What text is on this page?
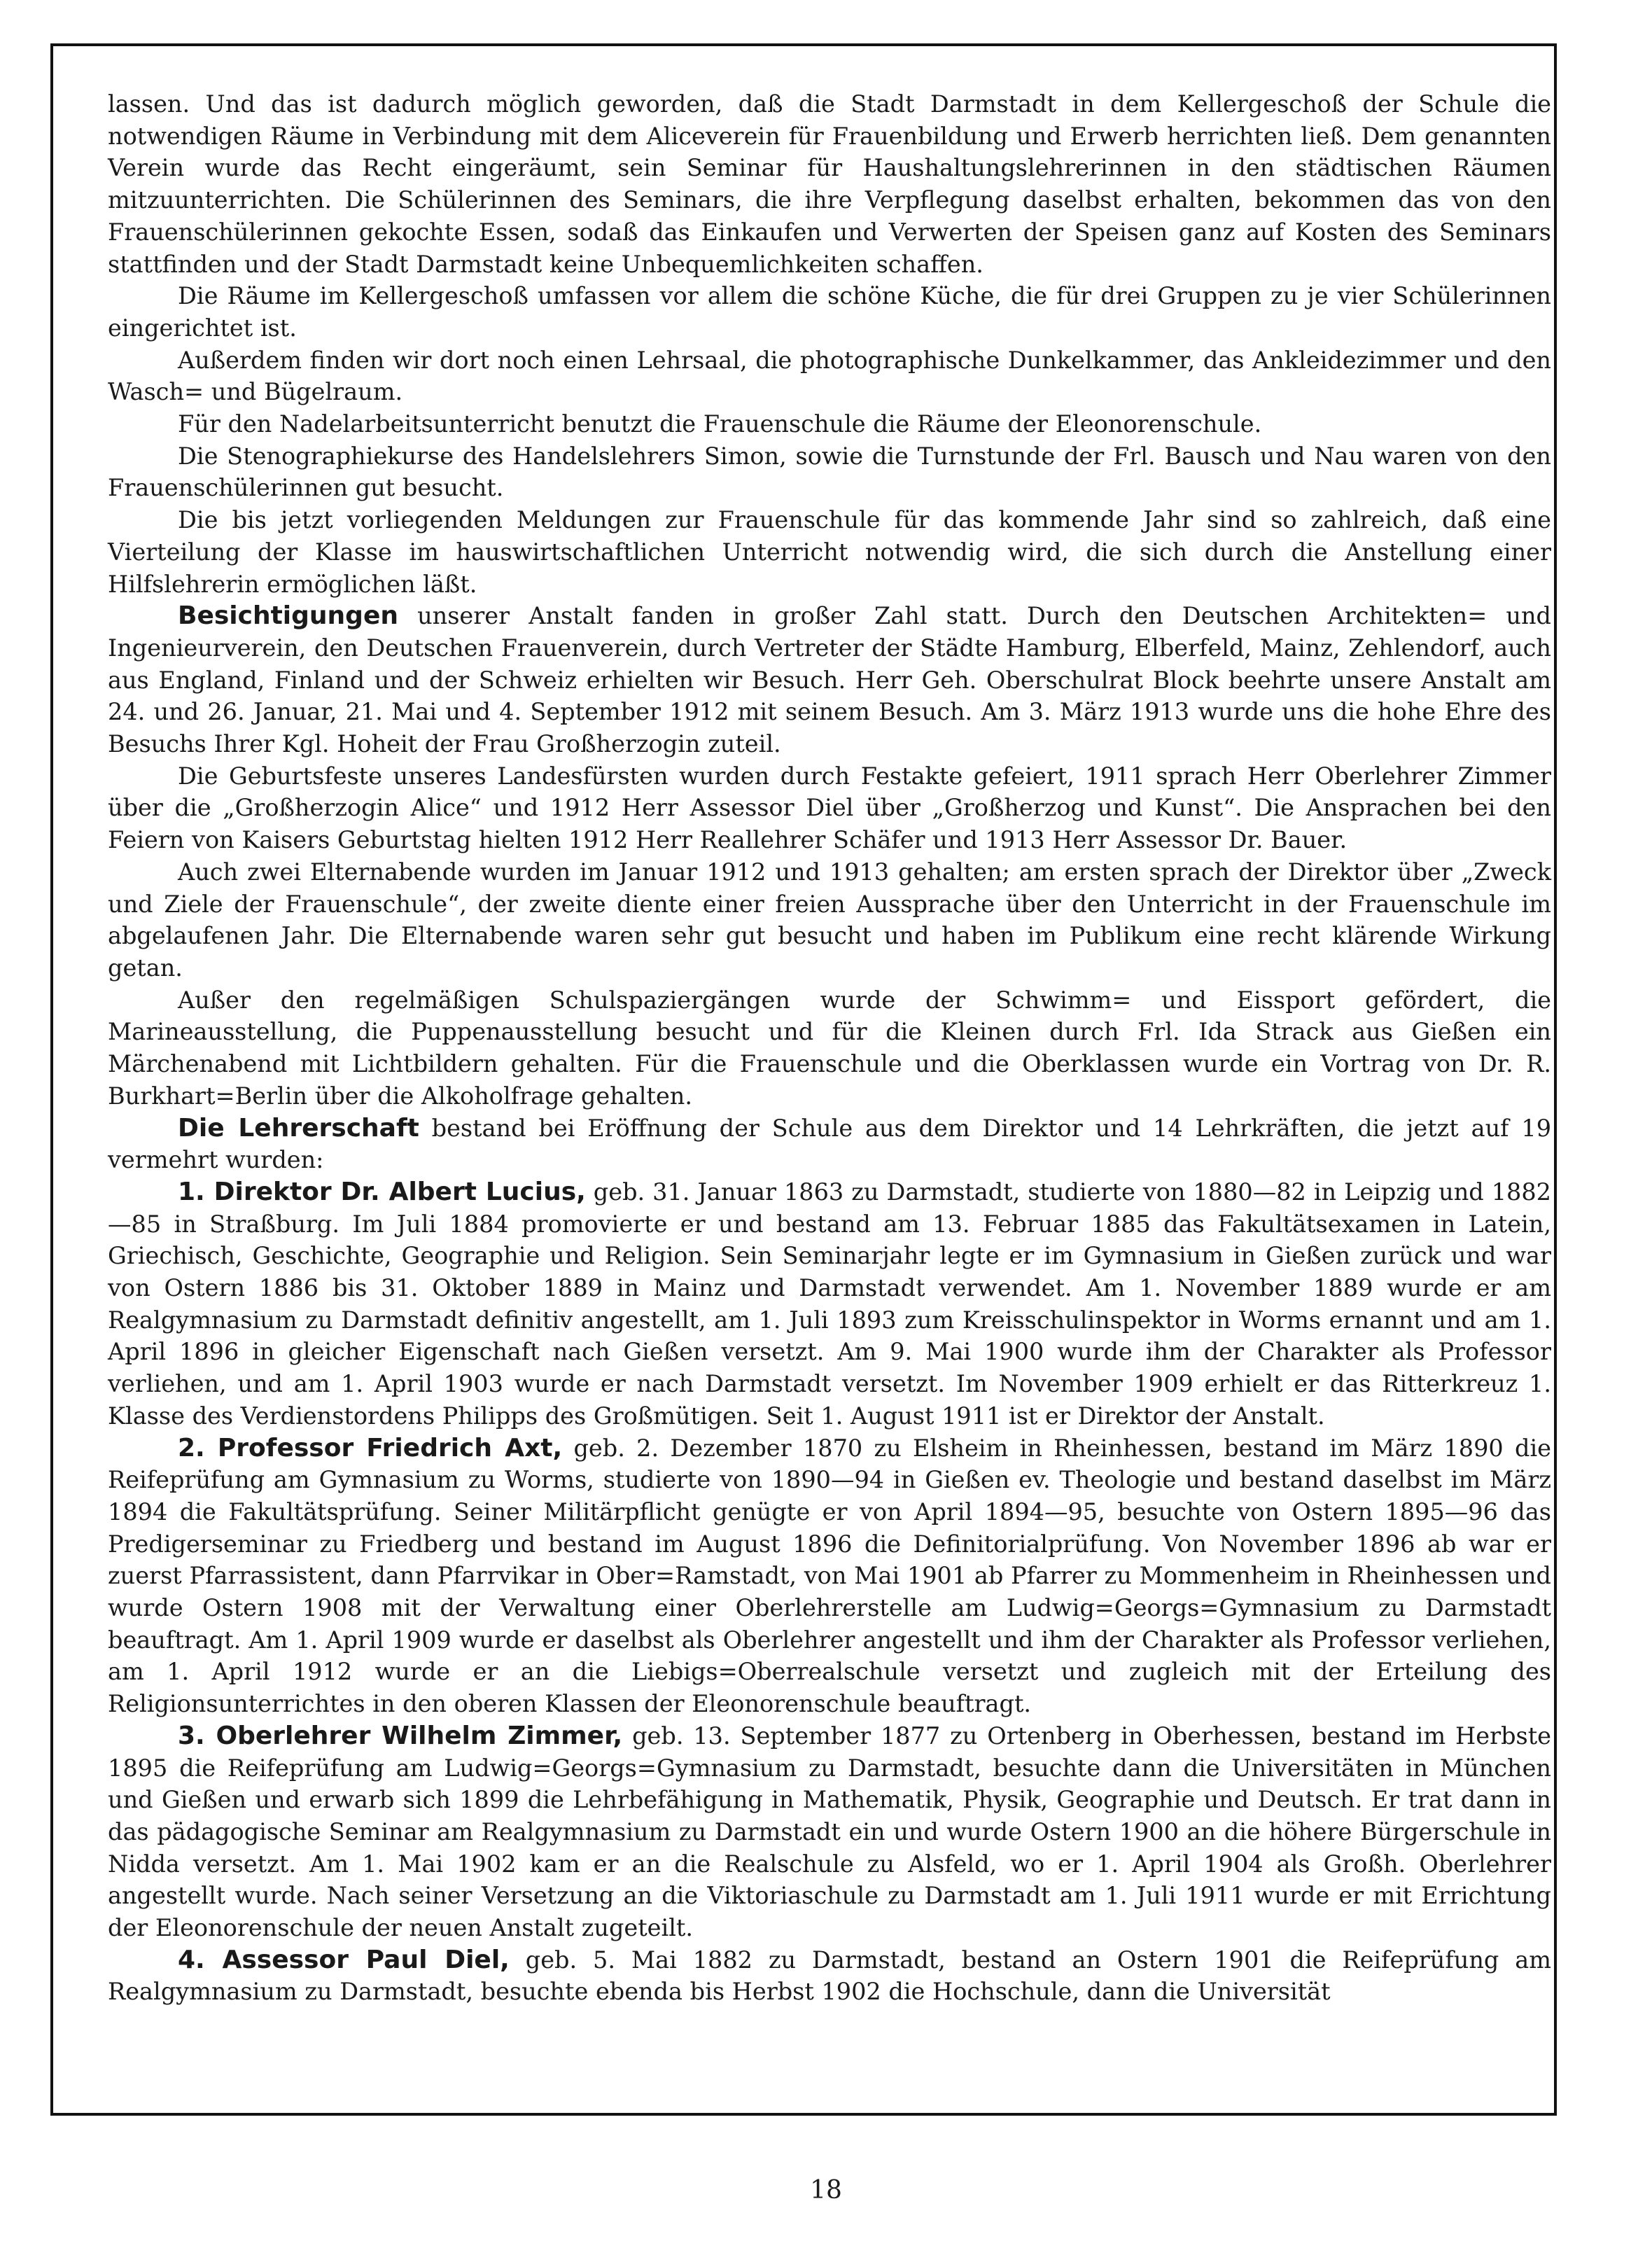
lassen. Und das ist dadurch möglich geworden, daß die Stadt Darmstadt in dem Kellergeschoß der Schule die notwendigen Räume in Verbindung mit dem Aliceverein für Frauenbildung und Erwerb herrichten ließ. Dem genannten Verein wurde das Recht eingeräumt, sein Seminar für Haushaltungslehrerinnen in den städtischen Räumen mitzuunterrichten. Die Schülerinnen des Seminars, die ihre Verpflegung daselbst erhalten, bekommen das von den Frauenschülerinnen gekochte Essen, sodaß das Einkaufen und Verwerten der Speisen ganz auf Kosten des Seminars stattfinden und der Stadt Darmstadt keine Unbequemlichkeiten schaffen.

Die Räume im Kellergeschoß umfassen vor allem die schöne Küche, die für drei Gruppen zu je vier Schülerinnen eingerichtet ist.

Außerdem finden wir dort noch einen Lehrsaal, die photographische Dunkelkammer, das Ankleidezimmer und den Wasch= und Bügelraum.

Für den Nadelarbeitsunterricht benutzt die Frauenschule die Räume der Eleonorenschule.

Die Stenographiekurse des Handelslehrers Simon, sowie die Turnstunde der Frl. Bausch und Nau waren von den Frauenschülerinnen gut besucht.

Die bis jetzt vorliegenden Meldungen zur Frauenschule für das kommende Jahr sind so zahlreich, daß eine Vierteilung der Klasse im hauswirtschaftlichen Unterricht notwendig wird, die sich durch die Anstellung einer Hilfslehrerin ermöglichen läßt.

Besichtigungen unserer Anstalt fanden in großer Zahl statt. Durch den Deutschen Architekten= und Ingenieurverein, den Deutschen Frauenverein, durch Vertreter der Städte Hamburg, Elberfeld, Mainz, Zehlendorf, auch aus England, Finland und der Schweiz erhielten wir Besuch. Herr Geh. Oberschulrat Block beehrte unsere Anstalt am 24. und 26. Januar, 21. Mai und 4. September 1912 mit seinem Besuch. Am 3. März 1913 wurde uns die hohe Ehre des Besuchs Ihrer Kgl. Hoheit der Frau Großherzogin zuteil.

Die Geburtsfeste unseres Landesfürsten wurden durch Festakte gefeiert, 1911 sprach Herr Oberlehrer Zimmer über die „Großherzogin Alice“ und 1912 Herr Assessor Diel über „Großherzog und Kunst“. Die Ansprachen bei den Feiern von Kaisers Geburtstag hielten 1912 Herr Reallehrer Schäfer und 1913 Herr Assessor Dr. Bauer.

Auch zwei Elternabende wurden im Januar 1912 und 1913 gehalten; am ersten sprach der Direktor über „Zweck und Ziele der Frauenschule“, der zweite diente einer freien Aussprache über den Unterricht in der Frauenschule im abgelaufenen Jahr. Die Elternabende waren sehr gut besucht und haben im Publikum eine recht klärende Wirkung getan.

Außer den regelmäßigen Schulspaziergängen wurde der Schwimm= und Eissport gefördert, die Marineausstellung, die Puppenausstellung besucht und für die Kleinen durch Frl. Ida Strack aus Gießen ein Märchenabend mit Lichtbildern gehalten. Für die Frauenschule und die Oberklassen wurde ein Vortrag von Dr. R. Burkhart=Berlin über die Alkoholfrage gehalten.

Die Lehrerschaft bestand bei Eröffnung der Schule aus dem Direktor und 14 Lehrkräften, die jetzt auf 19 vermehrt wurden:

1. Direktor Dr. Albert Lucius, geb. 31. Januar 1863 zu Darmstadt, studierte von 1880—82 in Leipzig und 1882—85 in Straßburg. Im Juli 1884 promovierte er und bestand am 13. Februar 1885 das Fakultätsexamen in Latein, Griechisch, Geschichte, Geographie und Religion. Sein Seminarjahr legte er im Gymnasium in Gießen zurück und war von Ostern 1886 bis 31. Oktober 1889 in Mainz und Darmstadt verwendet. Am 1. November 1889 wurde er am Realgymnasium zu Darmstadt definitiv angestellt, am 1. Juli 1893 zum Kreisschulinspektor in Worms ernannt und am 1. April 1896 in gleicher Eigenschaft nach Gießen versetzt. Am 9. Mai 1900 wurde ihm der Charakter als Professor verliehen, und am 1. April 1903 wurde er nach Darmstadt versetzt. Im November 1909 erhielt er das Ritterkreuz 1. Klasse des Verdienstordens Philipps des Großmütigen. Seit 1. August 1911 ist er Direktor der Anstalt.

2. Professor Friedrich Axt, geb. 2. Dezember 1870 zu Elsheim in Rheinhessen, bestand im März 1890 die Reifeprüfung am Gymnasium zu Worms, studierte von 1890—94 in Gießen ev. Theologie und bestand daselbst im März 1894 die Fakultätsprüfung. Seiner Militärpflicht genügte er von April 1894—95, besuchte von Ostern 1895—96 das Predigerseminar zu Friedberg und bestand im August 1896 die Definitorialprüfung. Von November 1896 ab war er zuerst Pfarrassistent, dann Pfarrvikar in Ober=Ramstadt, von Mai 1901 ab Pfarrer zu Mommenheim in Rheinhessen und wurde Ostern 1908 mit der Verwaltung einer Oberlehrerstelle am Ludwig=Georgs=Gymnasium zu Darmstadt beauftragt. Am 1. April 1909 wurde er daselbst als Oberlehrer angestellt und ihm der Charakter als Professor verliehen, am 1. April 1912 wurde er an die Liebigs=Oberrealschule versetzt und zugleich mit der Erteilung des Religionsunterrichtes in den oberen Klassen der Eleonorenschule beauftragt.

3. Oberlehrer Wilhelm Zimmer, geb. 13. September 1877 zu Ortenberg in Oberhessen, bestand im Herbste 1895 die Reifeprüfung am Ludwig=Georgs=Gymnasium zu Darmstadt, besuchte dann die Universitäten in München und Gießen und erwarb sich 1899 die Lehrbefähigung in Mathematik, Physik, Geographie und Deutsch. Er trat dann in das pädagogische Seminar am Realgymnasium zu Darmstadt ein und wurde Ostern 1900 an die höhere Bürgerschule in Nidda versetzt. Am 1. Mai 1902 kam er an die Realschule zu Alsfeld, wo er 1. April 1904 als Großh. Oberlehrer angestellt wurde. Nach seiner Versetzung an die Viktoriaschule zu Darmstadt am 1. Juli 1911 wurde er mit Errichtung der Eleonorenschule der neuen Anstalt zugeteilt.

4. Assessor Paul Diel, geb. 5. Mai 1882 zu Darmstadt, bestand an Ostern 1901 die Reifeprüfung am Realgymnasium zu Darmstadt, besuchte ebenda bis Herbst 1902 die Hochschule, dann die Universität

18
